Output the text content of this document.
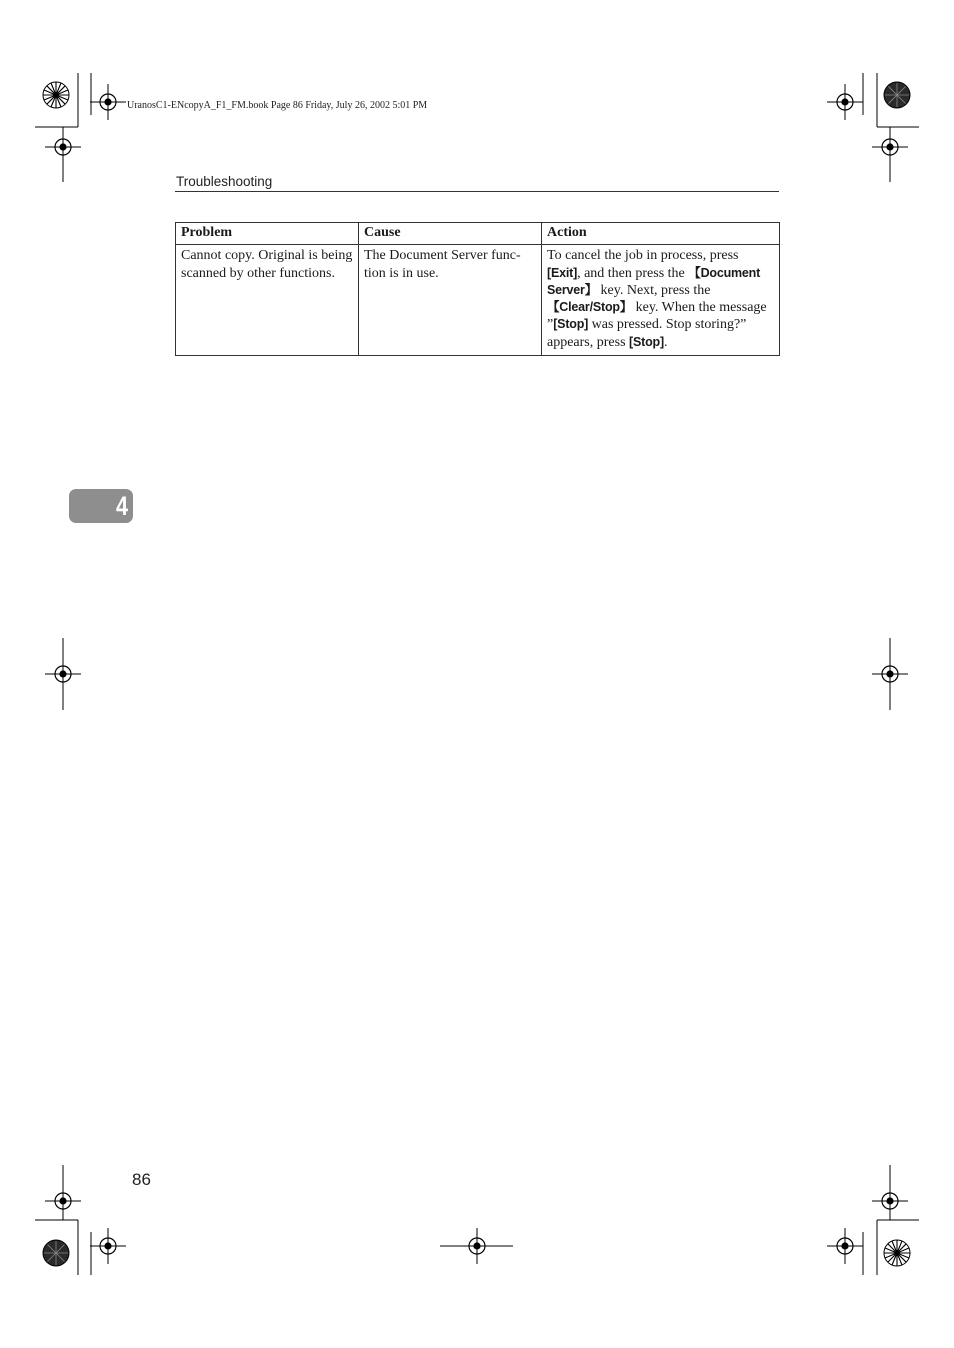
UranosC1-ENcopyA_F1_FM.book Page 86 Friday, July 26, 2002 5:01 PM
Troubleshooting
Problem	Cause	Action
Cannot copy. Original is being scanned by other functions.	The Document Server func-tion is in use.	To cancel the job in process, press [Exit], and then press the 【Document Server】 key. Next, press the 【Clear/Stop】 key. When the message ”[Stop] was pressed. Stop storing?” appears, press [Stop].
4
86
